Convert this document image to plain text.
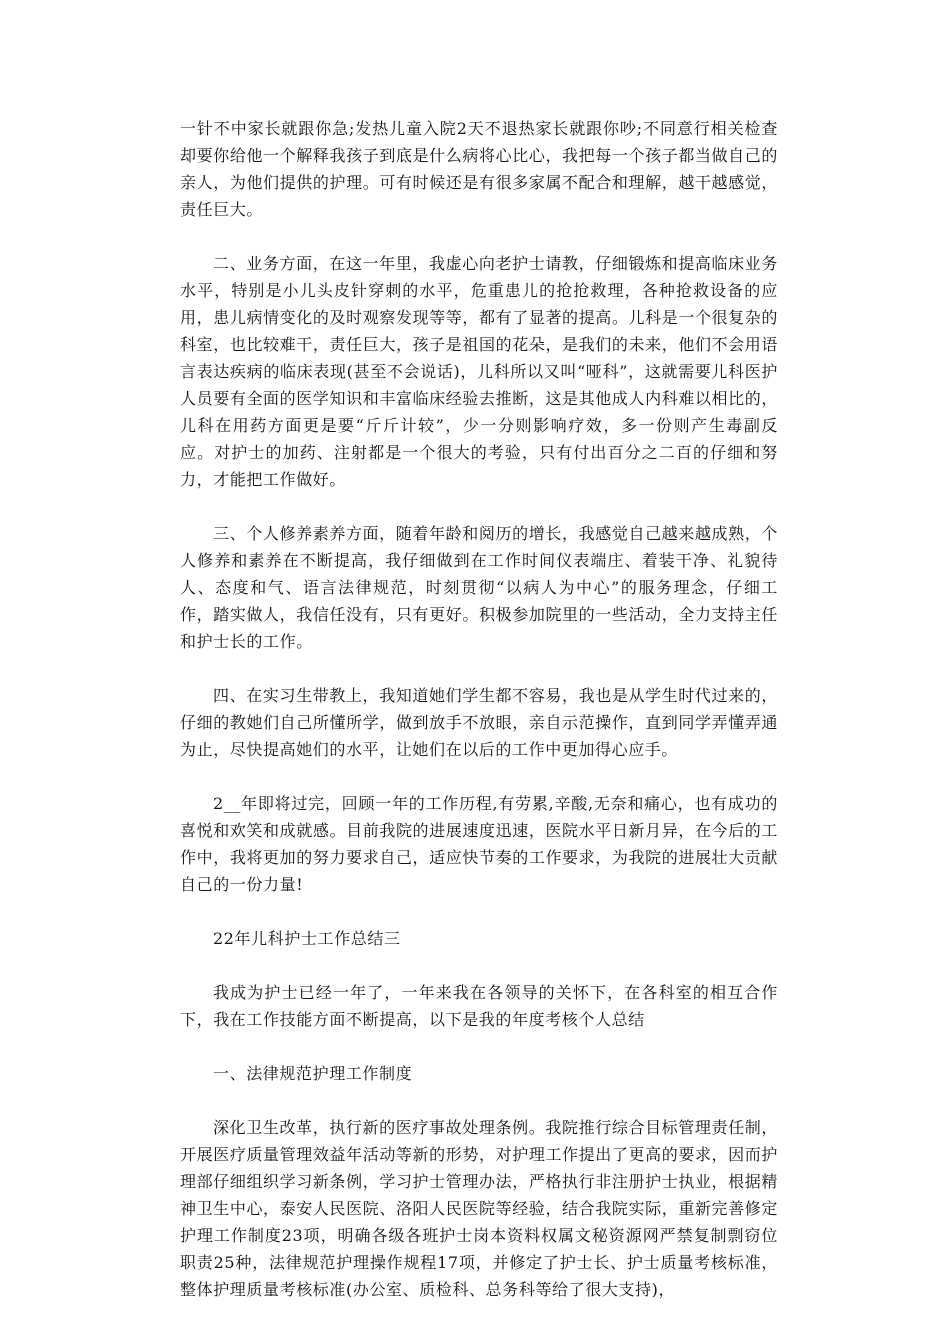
一针不中家长就跟你急;发热儿童入院2天不退热家长就跟你吵;不同意行相关检查却要你给他一个解释我孩子到底是什么病将心比心，我把每一个孩子都当做自己的亲人，为他们提供的护理。可有时候还是有很多家属不配合和理解，越干越感觉，责任巨大。

二、业务方面，在这一年里，我虚心向老护士请教，仔细锻炼和提高临床业务水平，特别是小儿头皮针穿刺的水平，危重患儿的抢抢救理，各种抢救设备的应用，患儿病情变化的及时观察发现等等，都有了显著的提高。儿科是一个很复杂的科室，也比较难干，责任巨大，孩子是祖国的花朵，是我们的未来，他们不会用语言表达疾病的临床表现(甚至不会说话)，儿科所以又叫“哑科”，这就需要儿科医护人员要有全面的医学知识和丰富临床经验去推断，这是其他成人内科难以相比的，儿科在用药方面更是要“斤斤计较”，少一分则影响疗效，多一份则产生毒副反应。对护士的加药、注射都是一个很大的考验，只有付出百分之二百的仔细和努力，才能把工作做好。

三、个人修养素养方面，随着年龄和阅历的增长，我感觉自己越来越成熟，个人修养和素养在不断提高，我仔细做到在工作时间仪表端庄、着装干净、礼貌待人、态度和气、语言法律规范，时刻贯彻“以病人为中心”的服务理念，仔细工作，踏实做人，我信任没有，只有更好。积极参加院里的一些活动，全力支持主任和护士长的工作。

四、在实习生带教上，我知道她们学生都不容易，我也是从学生时代过来的，仔细的教她们自己所懂所学，做到放手不放眼，亲自示范操作，直到同学弄懂弄通为止，尽快提高她们的水平，让她们在以后的工作中更加得心应手。

2__年即将过完，回顾一年的工作历程,有劳累,辛酸,无奈和痛心，也有成功的喜悦和欢笑和成就感。目前我院的进展速度迅速，医院水平日新月异，在今后的工作中，我将更加的努力要求自己，适应快节奏的工作要求，为我院的进展壮大贡献自己的一份力量!

22年儿科护士工作总结三

我成为护士已经一年了，一年来我在各领导的关怀下，在各科室的相互合作下，我在工作技能方面不断提高，以下是我的年度考核个人总结

一、法律规范护理工作制度

深化卫生改革，执行新的医疗事故处理条例。我院推行综合目标管理责任制，开展医疗质量管理效益年活动等新的形势，对护理工作提出了更高的要求，因而护理部仔细组织学习新条例，学习护士管理办法，严格执行非注册护士执业，根据精神卫生中心，泰安人民医院、洛阳人民医院等经验，结合我院实际，重新完善修定护理工作制度23项，明确各级各班护士岗本资料权属文秘资源网严禁复制剽窃位职责25种，法律规范护理操作规程17项，并修定了护士长、护士质量考核标准，整体护理质量考核标准(办公室、质检科、总务科等给了很大支持)，
